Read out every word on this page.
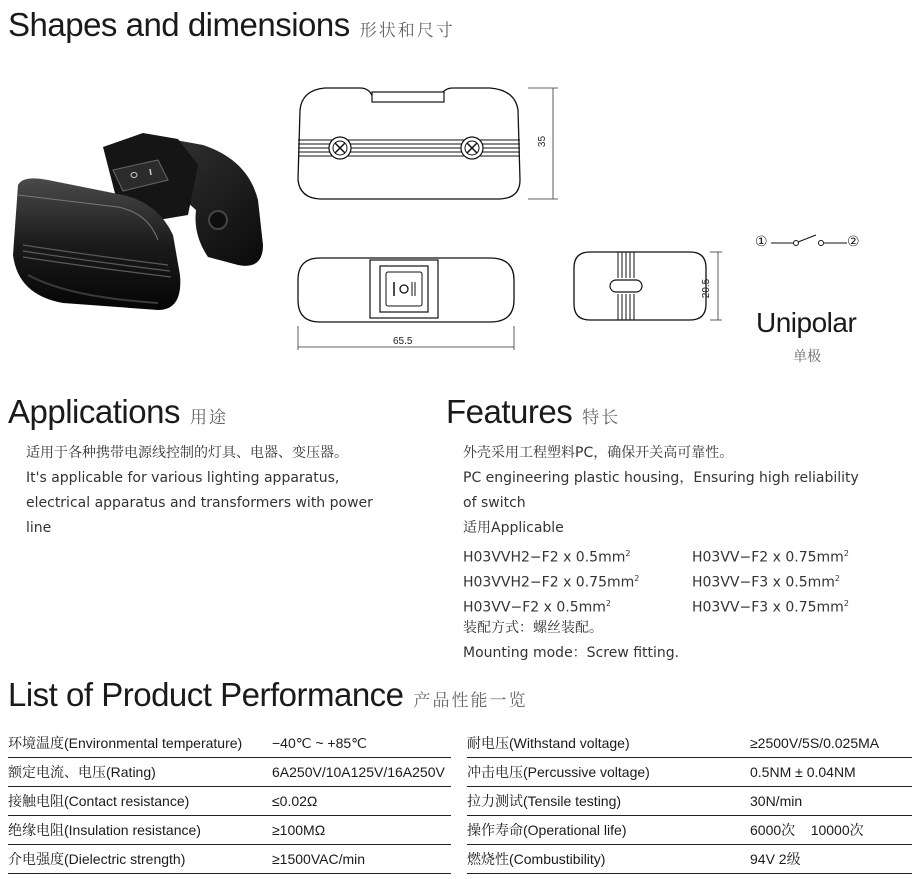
Shapes and dimensions 形状和尺寸
35
65.5
20.5
①	②
Unipolar
单极
Applications 用途
适用于各种携带电源线控制的灯具、电器、变压器。
It's applicable for various lighting apparatus,
electrical apparatus and transformers with power
line
Features 特长
外壳采用工程塑料PC，确保开关高可靠性。
PC engineering plastic housing，Ensuring high reliability
of switch
适用Applicable
H03VVH2−F2 x $0.5mm^2$	H03VV−F2 x $0.75mm^2$
H03VVH2−F2 x $0.75mm^2$	H03VV−F3 x $0.5mm^2$
H03VV−F2 x $0.5mm^2$	H03VV−F3 x $0.75mm^2$
装配方式：螺丝装配。
Mounting mode：Screw fitting.
List of Product Performance 产品性能一览
环境温度(Environmental temperature)	−40℃ ~ +85℃
额定电流、电压(Rating)	6A250V/10A125V/16A250V
接触电阻(Contact resistance)	≤0.02Ω
绝缘电阻(Insulation resistance)	≥100MΩ
介电强度(Dielectric strength)	≥1500VAC/min
耐电压(Withstand voltage)	≥2500V/5S/0.025MA
冲击电压(Percussive voltage)	0.5NM ± 0.04NM
拉力测试(Tensile testing)	30N/min
操作寿命(Operational life)	6000次    10000次
燃烧性(Combustibility)	94V 2级
